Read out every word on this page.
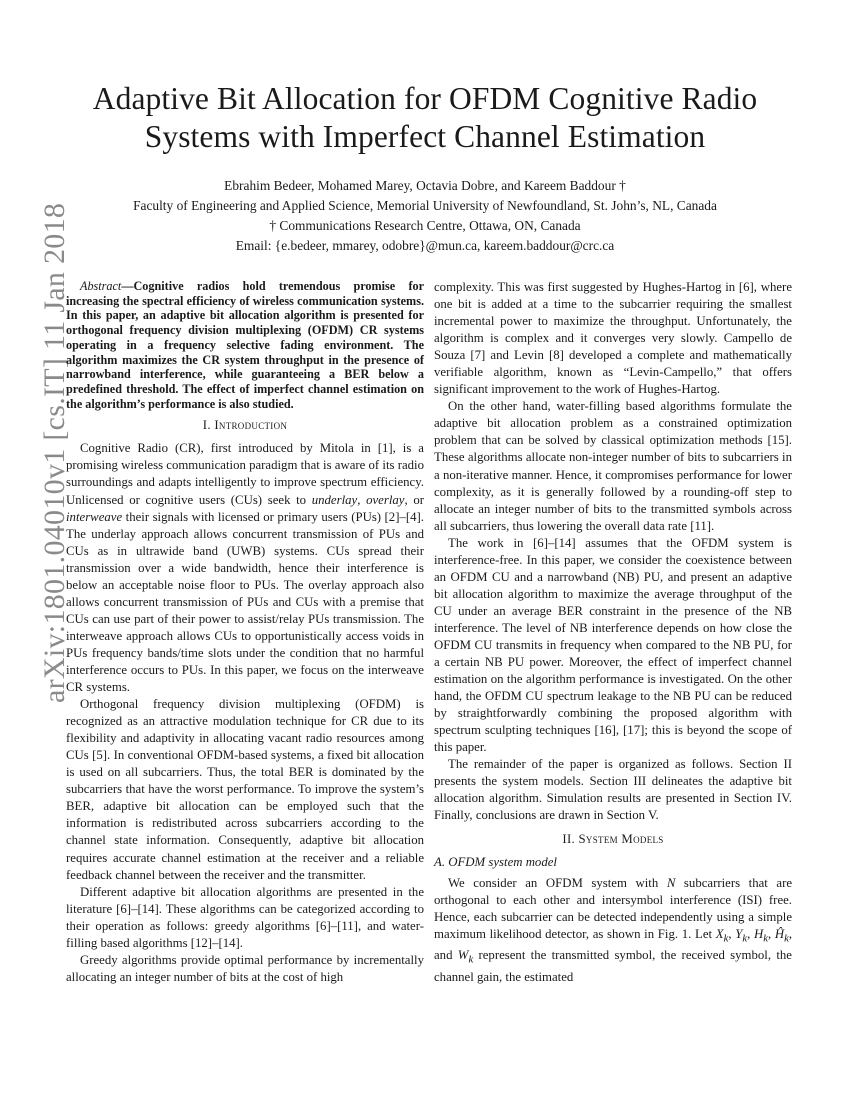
Adaptive Bit Allocation for OFDM Cognitive Radio
Systems with Imperfect Channel Estimation
Ebrahim Bedeer, Mohamed Marey, Octavia Dobre, and Kareem Baddour †
Faculty of Engineering and Applied Science, Memorial University of Newfoundland, St. John’s, NL, Canada
† Communications Research Centre, Ottawa, ON, Canada
Email: {e.bedeer, mmarey, odobre}@mun.ca, kareem.baddour@crc.ca
arXiv:1801.04010v1 [cs.IT] 11 Jan 2018 Abstract—Cognitive radios hold tremendous promise for increasing the spectral efficiency of wireless communication systems. In this paper, an adaptive bit allocation algorithm is presented for orthogonal frequency division multiplexing (OFDM) CR systems operating in a frequency selective fading environment. The algorithm maximizes the CR system throughput in the presence of narrowband interference, while guaranteeing a BER below a predefined threshold. The effect of imperfect channel estimation on the algorithm’s performance is also studied.

I. Introduction

Cognitive Radio (CR), first introduced by Mitola in [1], is a promising wireless communication paradigm that is aware of its radio surroundings and adapts intelligently to improve spectrum efficiency. Unlicensed or cognitive users (CUs) seek to underlay, overlay, or interweave their signals with licensed or primary users (PUs) [2]–[4]. The underlay approach allows concurrent transmission of PUs and CUs as in ultrawide band (UWB) systems. CUs spread their transmission over a wide bandwidth, hence their interference is below an acceptable noise floor to PUs. The overlay approach also allows concurrent transmission of PUs and CUs with a premise that CUs can use part of their power to assist/relay PUs transmission. The interweave approach allows CUs to opportunistically access voids in PUs frequency bands/time slots under the condition that no harmful interference occurs to PUs. In this paper, we focus on the interweave CR systems.

Orthogonal frequency division multiplexing (OFDM) is recognized as an attractive modulation technique for CR due to its flexibility and adaptivity in allocating vacant radio resources among CUs [5]. In conventional OFDM-based systems, a fixed bit allocation is used on all subcarriers. Thus, the total BER is dominated by the subcarriers that have the worst performance. To improve the system’s BER, adaptive bit allocation can be employed such that the information is redistributed across subcarriers according to the channel state information. Consequently, adaptive bit allocation requires accurate channel estimation at the receiver and a reliable feedback channel between the receiver and the transmitter.

Different adaptive bit allocation algorithms are presented in the literature [6]–[14]. These algorithms can be categorized according to their operation as follows: greedy algorithms [6]–[11], and water-filling based algorithms [12]–[14].

Greedy algorithms provide optimal performance by incrementally allocating an integer number of bits at the cost of high

complexity. This was first suggested by Hughes-Hartog in [6], where one bit is added at a time to the subcarrier requiring the smallest incremental power to maximize the throughput. Unfortunately, the algorithm is complex and it converges very slowly. Campello de Souza [7] and Levin [8] developed a complete and mathematically verifiable algorithm, known as “Levin-Campello,” that offers significant improvement to the work of Hughes-Hartog.

On the other hand, water-filling based algorithms formulate the adaptive bit allocation problem as a constrained optimization problem that can be solved by classical optimization methods [15]. These algorithms allocate non-integer number of bits to subcarriers in a non-iterative manner. Hence, it compromises performance for lower complexity, as it is generally followed by a rounding-off step to allocate an integer number of bits to the transmitted symbols across all subcarriers, thus lowering the overall data rate [11].

The work in [6]–[14] assumes that the OFDM system is interference-free. In this paper, we consider the coexistence between an OFDM CU and a narrowband (NB) PU, and present an adaptive bit allocation algorithm to maximize the average throughput of the CU under an average BER constraint in the presence of the NB interference. The level of NB interference depends on how close the OFDM CU transmits in frequency when compared to the NB PU, for a certain NB PU power. Moreover, the effect of imperfect channel estimation on the algorithm performance is investigated. On the other hand, the OFDM CU spectrum leakage to the NB PU can be reduced by straightforwardly combining the proposed algorithm with spectrum sculpting techniques [16], [17]; this is beyond the scope of this paper.

The remainder of the paper is organized as follows. Section II presents the system models. Section III delineates the adaptive bit allocation algorithm. Simulation results are presented in Section IV. Finally, conclusions are drawn in Section V.

II. System Models
A. OFDM system model

We consider an OFDM system with N subcarriers that are orthogonal to each other and intersymbol interference (ISI) free. Hence, each subcarrier can be detected independently using a simple maximum likelihood detector, as shown in Fig. 1. Let $X_k$, $Y_k$, $H_k$, $Ĥ_k$, and $W_k$ represent the transmitted symbol, the received symbol, the channel gain, the estimated
